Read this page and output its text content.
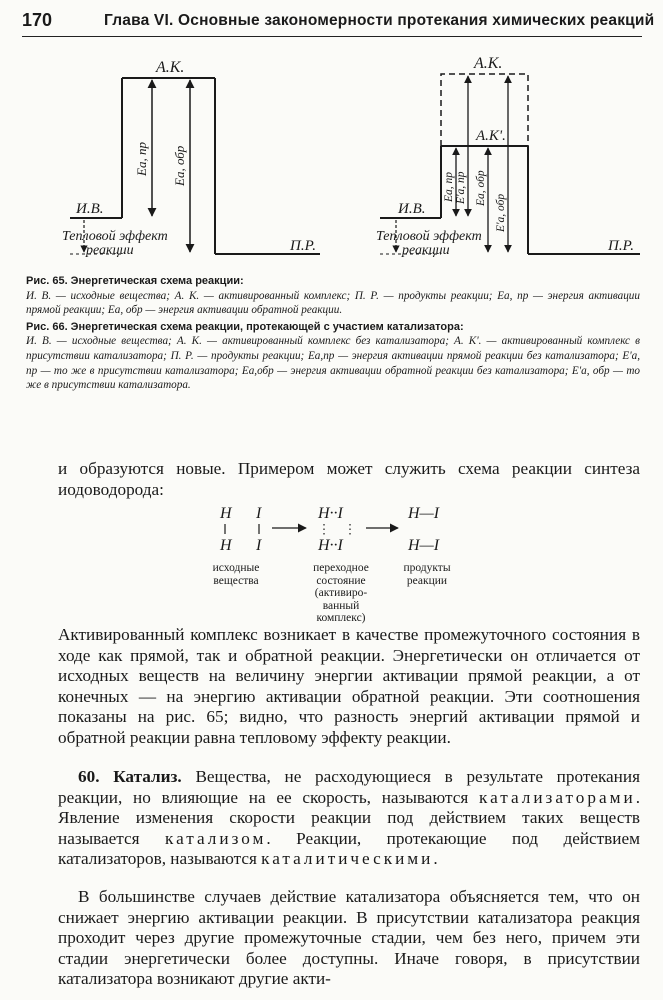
170	Глава VI. Основные закономерности протекания химических реакций
А.К.
И.В.
П.Р.
Еа, пр Еа, обр
Тепловой эффект
реакции
А.К.
А.К'.
И.В.
П.Р.
Еа, пр Е'а, пр Еа, обр
Е'а, обр
Тепловой эффект
реакции

Рис. 65. Энергетическая схема реакции:
И. В. — исходные вещества; А. К. — активированный комплекс; П. Р. — продукты реакции; Еа, пр — энергия активации прямой реакции; Еа, обр — энергия активации обратной реакции.

Рис. 66. Энергетическая схема реакции, протекающей с участием катализатора:
И. В. — исходные вещества; А. К. — активированный комплекс без катализатора; А. К'. — активированный комплекс в присутствии катализатора; П. Р. — продукты реакции; Еа,пр — энергия активации прямой реакции без катализатора; Е'а, пр — то же в присутствии катализатора; Еа,обр — энергия активации обратной реакции без катализатора; Е'а, обр — то же в присутствии катализатора.

и образуются новые. Примером может служить схема реакции синтеза иодоводорода:
H I
H I
H··I
H··I
H—I
H—I
исходные
вещества
переходное
состояние
(активиро-
ванный
комплекс)
продукты
реакции
Активированный комплекс возникает в качестве промежуточного состояния в ходе как прямой, так и обратной реакции. Энергетически он отличается от исходных веществ на величину энергии активации прямой реакции, а от конечных — на энергию активации обратной реакции. Эти соотношения показаны на рис. 65; видно, что разность энергий активации прямой и обратной реакции равна тепловому эффекту реакции.
60. Катализ. Вещества, не расходующиеся в результате протекания реакции, но влияющие на ее скорость, называются катализаторами. Явление изменения скорости реакции под действием таких веществ называется катализом. Реакции, протекающие под действием катализаторов, называются каталитическими.
В большинстве случаев действие катализатора объясняется тем, что он снижает энергию активации реакции. В присутствии катализатора реакция проходит через другие промежуточные стадии, чем без него, причем эти стадии энергетически более доступны. Иначе говоря, в присутствии катализатора возникают другие акти-
